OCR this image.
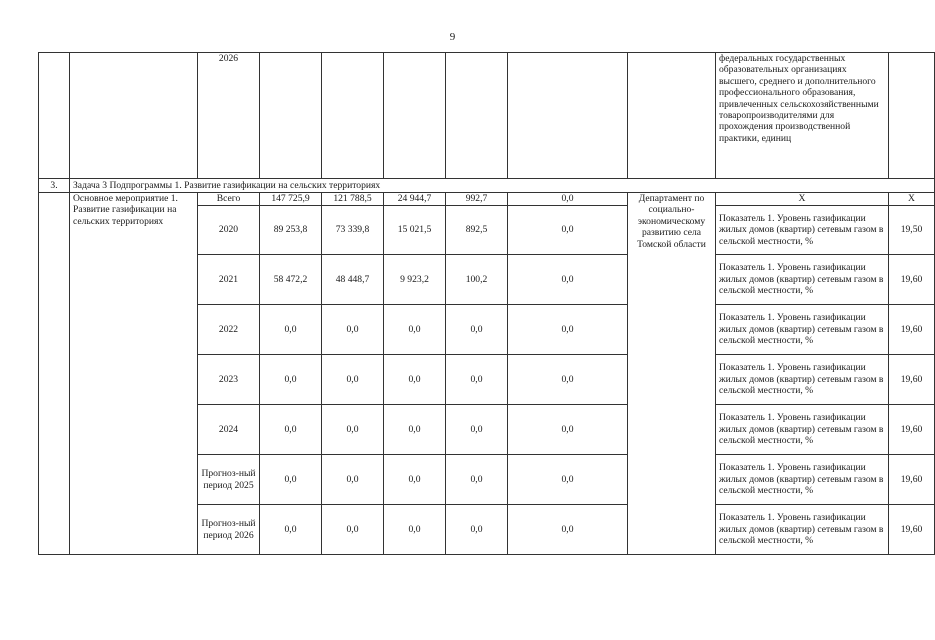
9
		2026							федеральных государственных образовательных организациях высшего, среднего и дополнительного профессионального образования, привлеченных сельскохозяйственными товаропроизводителями для прохождения производственной практики, единиц	
3.	Задача 3 Подпрограммы 1. Развитие газификации на сельских территориях									
	Основное мероприятие 1. Развитие газификации на сельских территориях	Всего	147 725,9	121 788,5	24 944,7	992,7	0,0	Департамент по социально-экономическому развитию села Томской области	Х	Х
		2020	89 253,8	73 339,8	15 021,5	892,5	0,0		Показатель 1. Уровень газификации жилых домов (квартир) сетевым газом в сельской местности, %	19,50
		2021	58 472,2	48 448,7	9 923,2	100,2	0,0		Показатель 1. Уровень газификации жилых домов (квартир) сетевым газом в сельской местности, %	19,60
		2022	0,0	0,0	0,0	0,0	0,0		Показатель 1. Уровень газификации жилых домов (квартир) сетевым газом в сельской местности, %	19,60
		2023	0,0	0,0	0,0	0,0	0,0		Показатель 1. Уровень газификации жилых домов (квартир) сетевым газом в сельской местности, %	19,60
		2024	0,0	0,0	0,0	0,0	0,0		Показатель 1. Уровень газификации жилых домов (квартир) сетевым газом в сельской местности, %	19,60
		Прогноз-ный период 2025	0,0	0,0	0,0	0,0	0,0		Показатель 1. Уровень газификации жилых домов (квартир) сетевым газом в сельской местности, %	19,60
		Прогноз-ный период 2026	0,0	0,0	0,0	0,0	0,0		Показатель 1. Уровень газификации жилых домов (квартир) сетевым газом в сельской местности, %	19,60
